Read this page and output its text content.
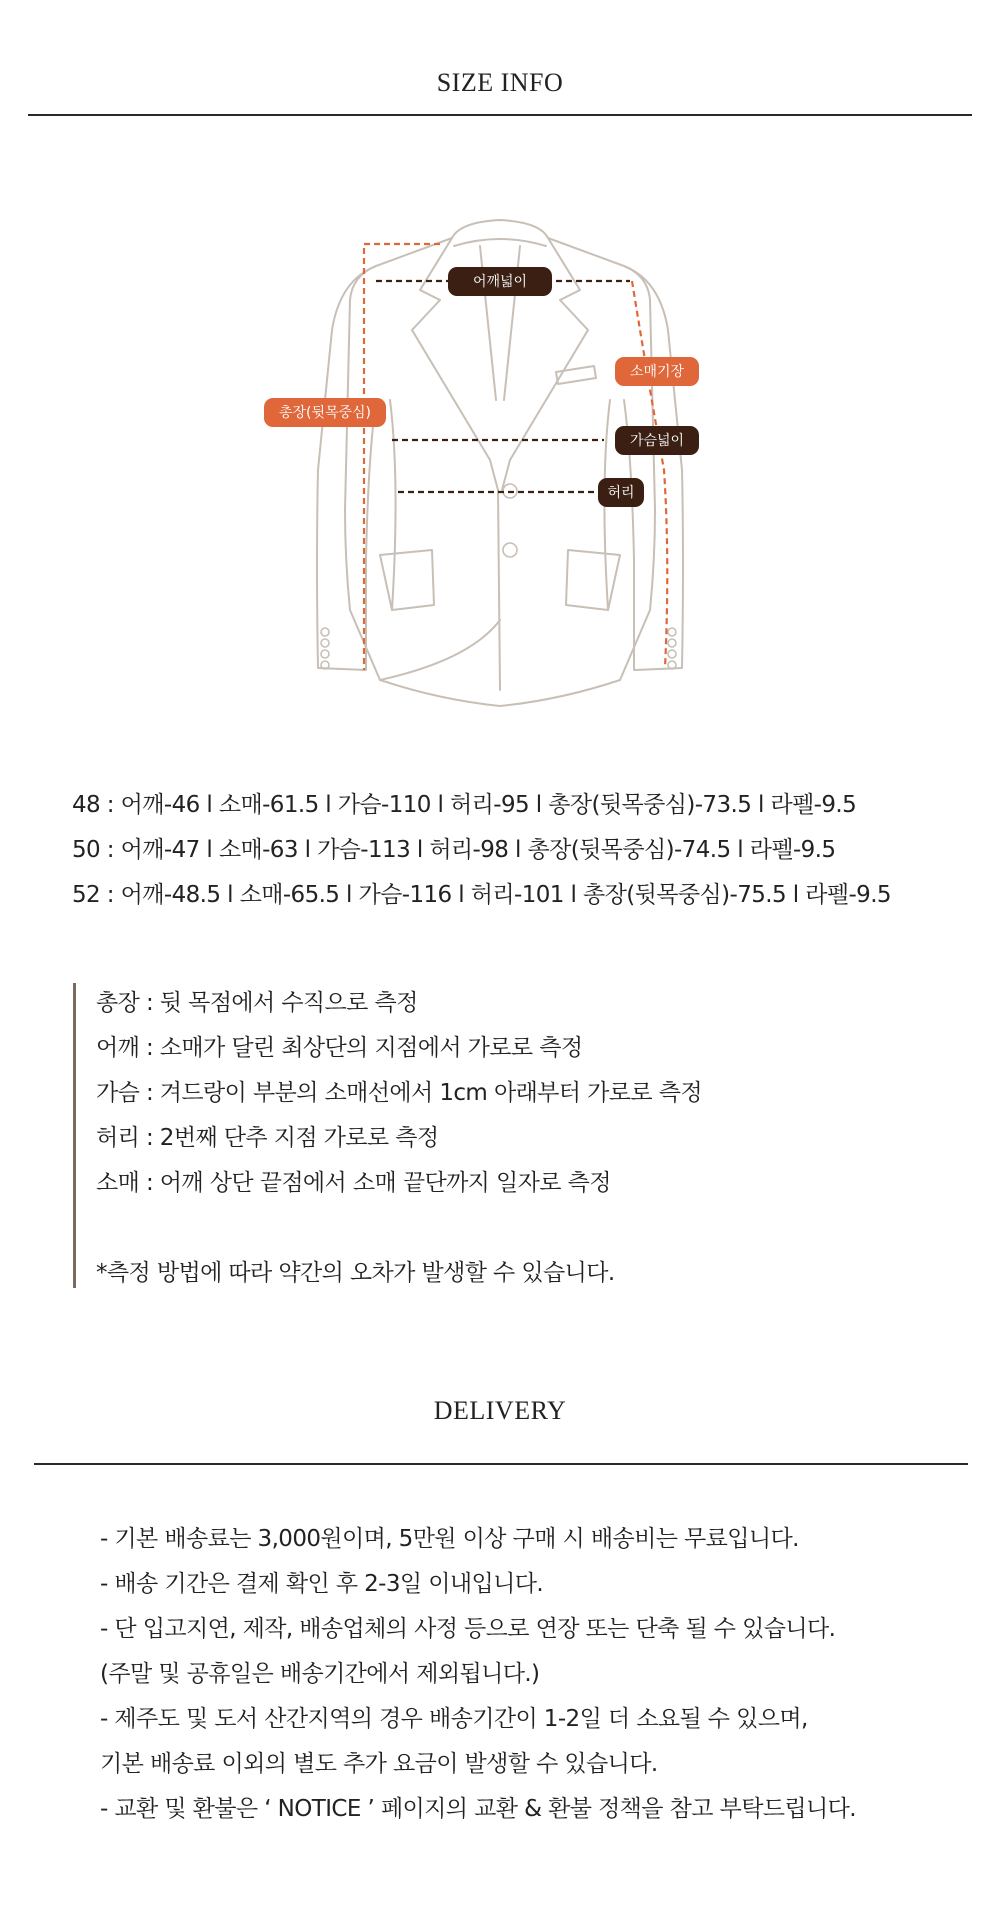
SIZE INFO
어깨넓이
소매기장
총장(뒷목중심)
가슴넓이
허리
48 : 어깨-46 l 소매-61.5 l 가슴-110 l 허리-95 l 총장(뒷목중심)-73.5 l 라펠-9.5
50 : 어깨-47 l 소매-63 l 가슴-113 l 허리-98 l 총장(뒷목중심)-74.5 l 라펠-9.5
52 : 어깨-48.5 l 소매-65.5 l 가슴-116 l 허리-101 l 총장(뒷목중심)-75.5 l 라펠-9.5
총장 : 뒷 목점에서 수직으로 측정
어깨 : 소매가 달린 최상단의 지점에서 가로로 측정
가슴 : 겨드랑이 부분의 소매선에서 1cm 아래부터 가로로 측정
허리 : 2번째 단추 지점 가로로 측정
소매 : 어깨 상단 끝점에서 소매 끝단까지 일자로 측정
*측정 방법에 따라 약간의 오차가 발생할 수 있습니다.
DELIVERY
- 기본 배송료는 3,000원이며, 5만원 이상 구매 시 배송비는 무료입니다.
- 배송 기간은 결제 확인 후 2-3일 이내입니다.
- 단 입고지연, 제작, 배송업체의 사정 등으로 연장 또는 단축 될 수 있습니다.
(주말 및 공휴일은 배송기간에서 제외됩니다.)
- 제주도 및 도서 산간지역의 경우 배송기간이 1-2일 더 소요될 수 있으며,
기본 배송료 이외의 별도 추가 요금이 발생할 수 있습니다.
- 교환 및 환불은 ‘ NOTICE ’ 페이지의 교환 & 환불 정책을 참고 부탁드립니다.
